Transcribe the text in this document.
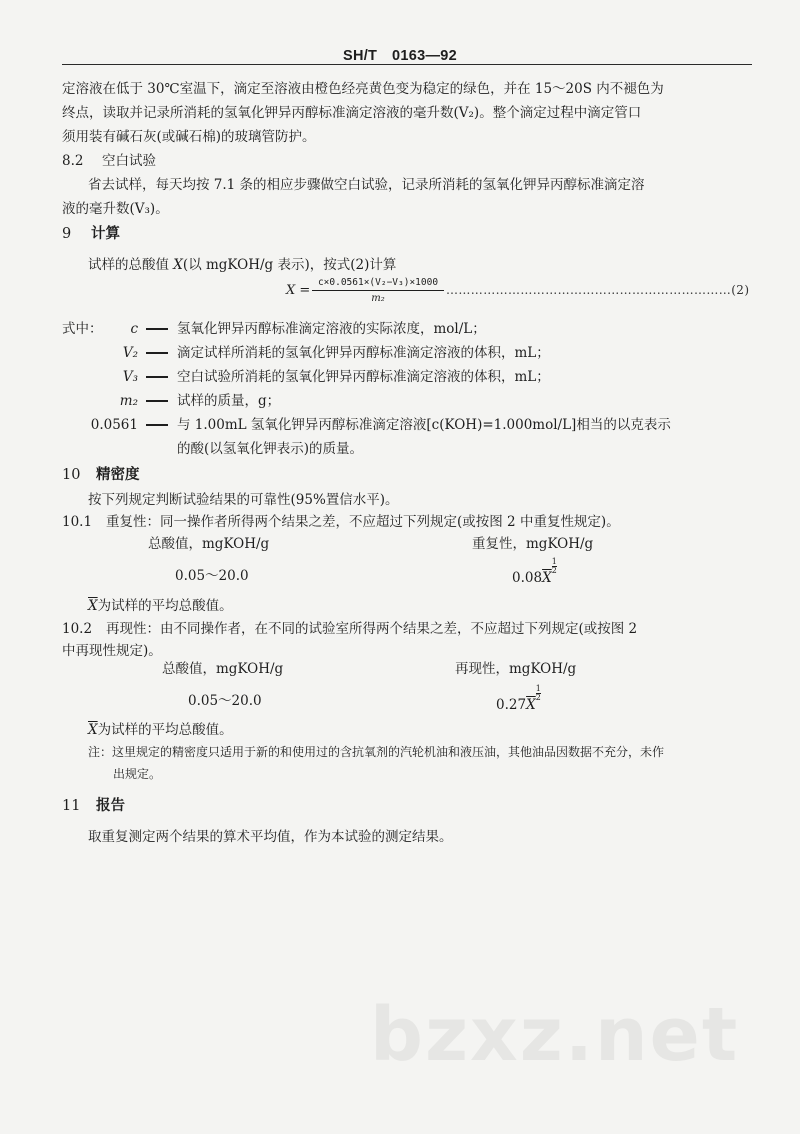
SH/T　0163—92
定溶液在低于 30℃室温下，滴定至溶液由橙色经亮黄色变为稳定的绿色，并在 15～20S 内不褪色为
终点，读取并记录所消耗的氢氧化钾异丙醇标准滴定溶液的毫升数(V₂)。整个滴定过程中滴定管口
须用装有碱石灰(或碱石棉)的玻璃管防护。
8.2 空白试验
省去试样，每天均按 7.1 条的相应步骤做空白试验，记录所消耗的氢氧化钾异丙醇标准滴定溶
液的毫升数(V₃)。
9 计算
试样的总酸值 X(以 mgKOH/g 表示)，按式(2)计算
X =
c×0.0561×(V₂−V₃)×1000
m₂
……………………………………………………………(2)
式中：	c	氢氧化钾异丙醇标准滴定溶液的实际浓度，mol/L；
V₂	滴定试样所消耗的氢氧化钾异丙醇标准滴定溶液的体积，mL；
V₃	空白试验所消耗的氢氧化钾异丙醇标准滴定溶液的体积，mL；
m₂	试样的质量，g；
0.0561	与 1.00mL 氢氧化钾异丙醇标准滴定溶液[c(KOH)=1.000mol/L]相当的以克表示
的酸(以氢氧化钾表示)的质量。
10 精密度
按下列规定判断试验结果的可靠性(95%置信水平)。
10.1 重复性：同一操作者所得两个结果之差，不应超过下列规定(或按图 2 中重复性规定)。
总酸值，mgKOH/g	重复性，mgKOH/g
0.05～20.0	$0.08\overline{X}$
$\frac{1}{2}$
$\overline{X}$为试样的平均总酸值。
10.2 再现性：由不同操作者，在不同的试验室所得两个结果之差，不应超过下列规定(或按图 2
中再现性规定)。
总酸值，mgKOH/g	再现性，mgKOH/g
0.05～20.0	$0.27\overline{X}$
$\frac{1}{2}$
$\overline{X}$为试样的平均总酸值。
注：这里规定的精密度只适用于新的和使用过的含抗氧剂的汽轮机油和液压油，其他油品因数据不充分，未作
出规定。
11 报告
取重复测定两个结果的算术平均值，作为本试验的测定结果。
bzxz.net
